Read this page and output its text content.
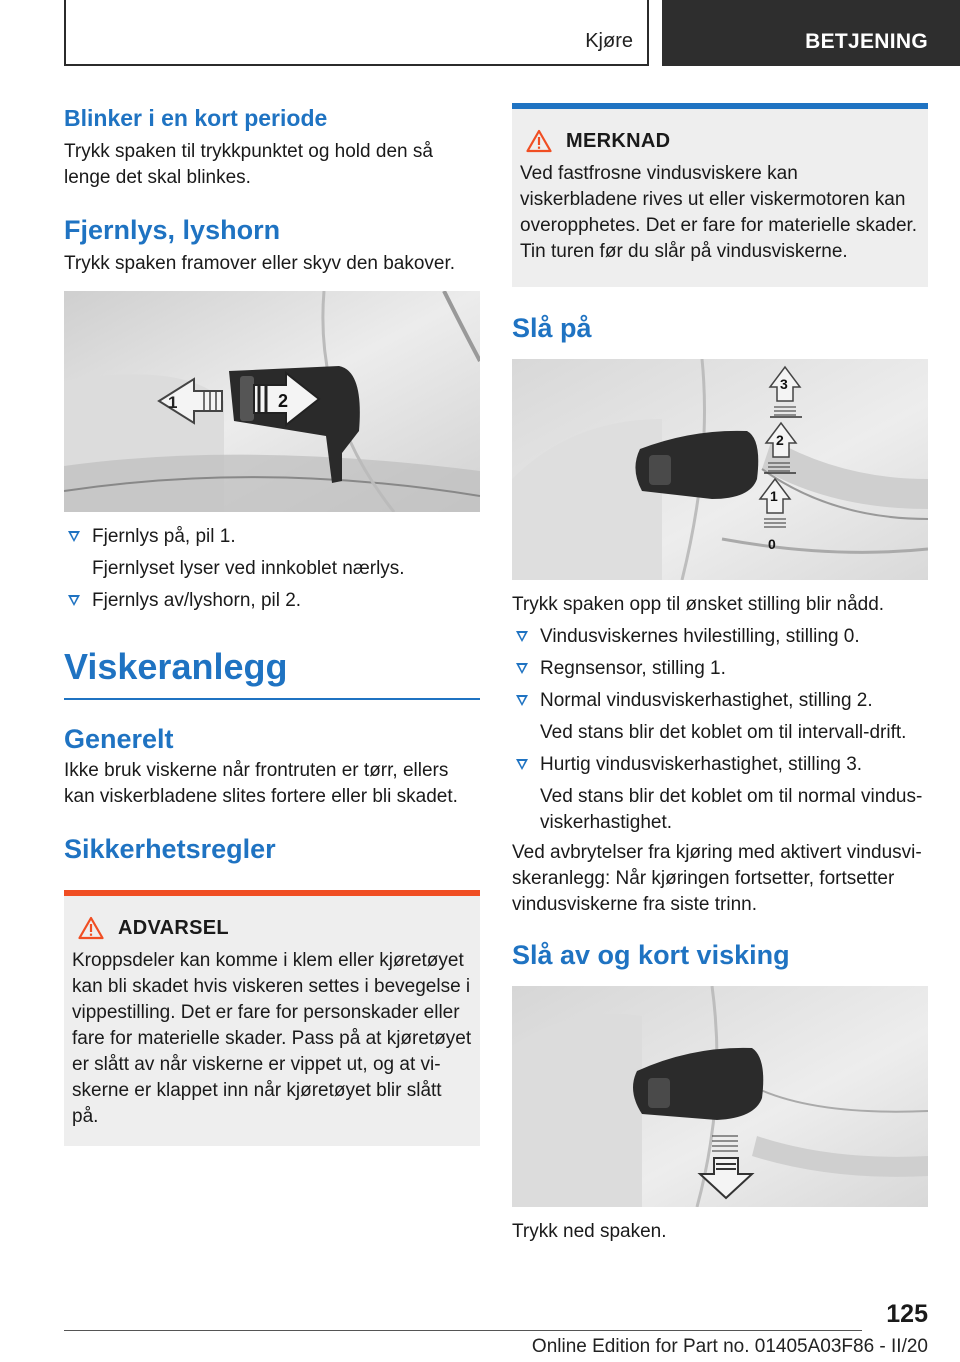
Kjøre	BETJENING
Blinker i en kort periode
Trykk spaken til trykkpunktet og hold den så lenge det skal blinkes.
Fjernlys, lyshorn
Trykk spaken framover eller skyv den bakover.
1	2
Fjernlys på, pil 1.
Fjernlyset lyser ved innkoblet nærlys.
Fjernlys av/lyshorn, pil 2.
Viskeranlegg
Generelt
Ikke bruk viskerne når frontruten er tørr, ellers kan viskerbladene slites fortere eller bli skadet.
Sikkerhetsregler
ADVARSEL
Kroppsdeler kan komme i klem eller kjøretøyet kan bli skadet hvis viskeren settes i bevegelse i vippestilling. Det er fare for personskader eller fare for materielle skader. Pass på at kjøretøyet er slått av når viskerne er vippet ut, og at viskerne er klappet inn når kjøretøyet blir slått på.
MERKNAD
Ved fastfrosne vindusviskere kan viskerbladene rives ut eller viskermotoren kan overopphetes. Det er fare for materielle skader. Tin turen før du slår på vindusviskerne.
Slå på
3
2
1
0
Trykk spaken opp til ønsket stilling blir nådd.
Vindusviskernes hvilestilling, stilling 0.
Regnsensor, stilling 1.
Normal vindusviskerhastighet, stilling 2.
Ved stans blir det koblet om til intervall-drift.
Hurtig vindusviskerhastighet, stilling 3.
Ved stans blir det koblet om til normal vindusviskerhastighet.
Ved avbrytelser fra kjøring med aktivert vindusviskeranlegg: Når kjøringen fortsetter, fortsetter vindusviskerne fra siste trinn.
Slå av og kort visking
Trykk ned spaken.
125
Online Edition for Part no. 01405A03F86 - II/20
